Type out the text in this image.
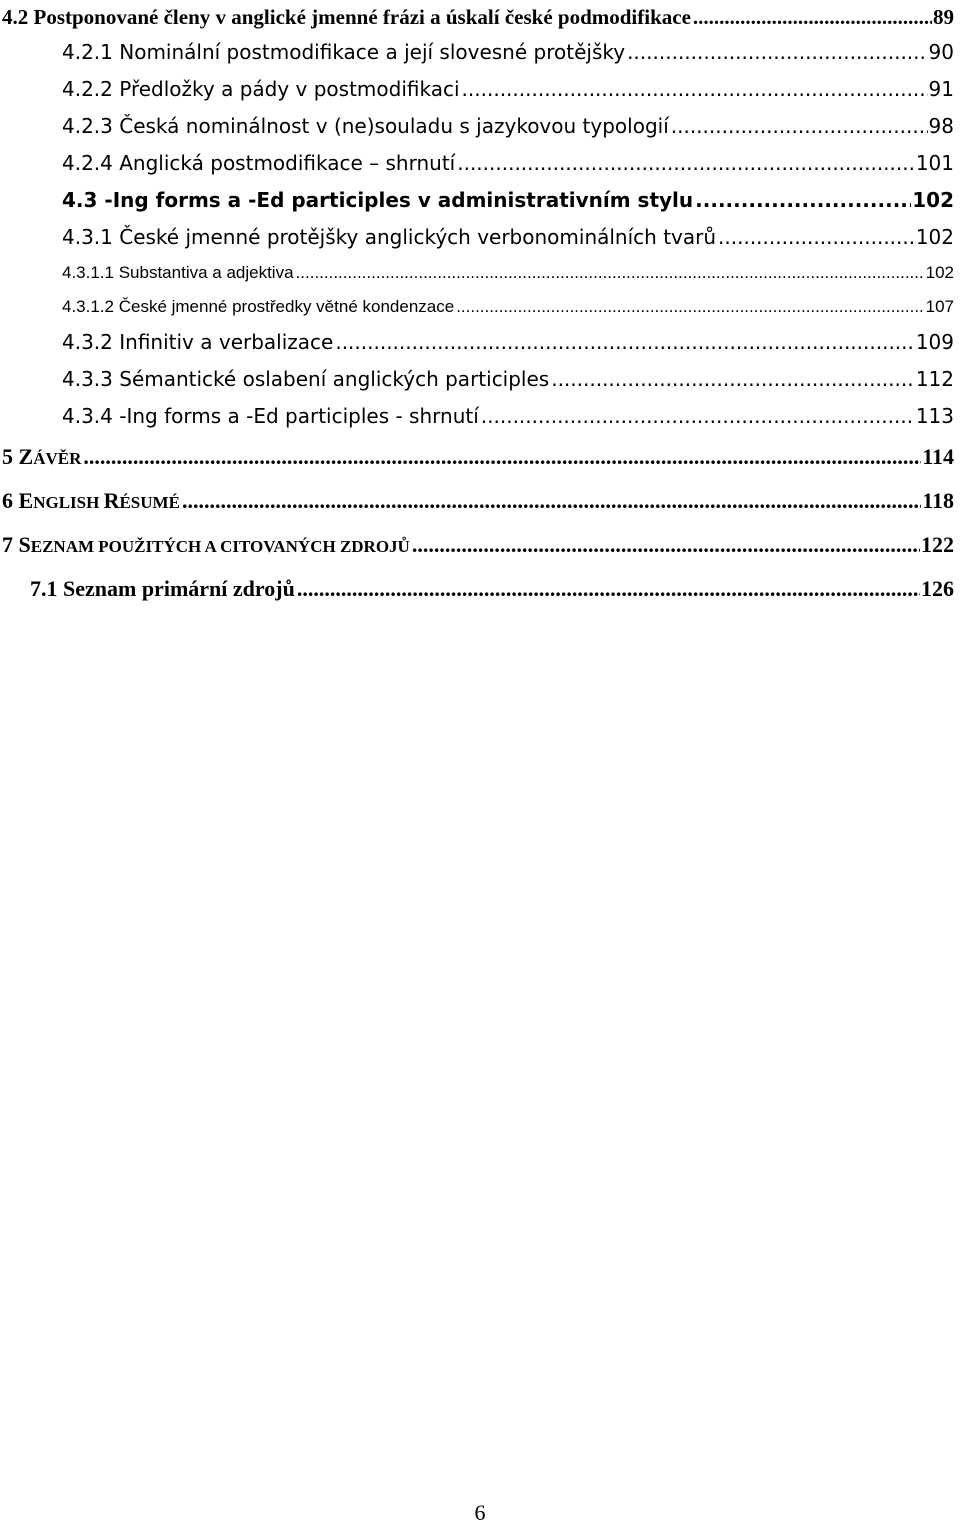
4.2 Postponované členy v anglické jmenné frázi a úskalí české podmodifikace .....	89
4.2.1 Nominální postmodifikace a její slovesné protějšky .....	90
4.2.2 Předložky a pády v postmodifikaci .....	91
4.2.3 Česká nominálnost v (ne)souladu s jazykovou typologií .....	98
4.2.4 Anglická postmodifikace – shrnutí .....	101
4.3 -Ing forms a -Ed participles v administrativním stylu .....	102
4.3.1 České jmenné protějšky anglických verbonominálních tvarů .....	102
4.3.1.1 Substantiva a adjektiva .....	102
4.3.1.2 České jmenné prostředky větné kondenzace .....	107
4.3.2 Infinitiv a verbalizace .....	109
4.3.3 Sémantické oslabení anglických participles .....	112
4.3.4 -Ing forms a -Ed participles - shrnutí .....	113
5 ZÁVĚR .....	114
6 ENGLISH RÉSUMÉ .....	118
7 SEZNAM POUŽITÝCH A CITOVANÝCH ZDROJŮ .....	122
7.1 Seznam primární zdrojů .....	126
6
